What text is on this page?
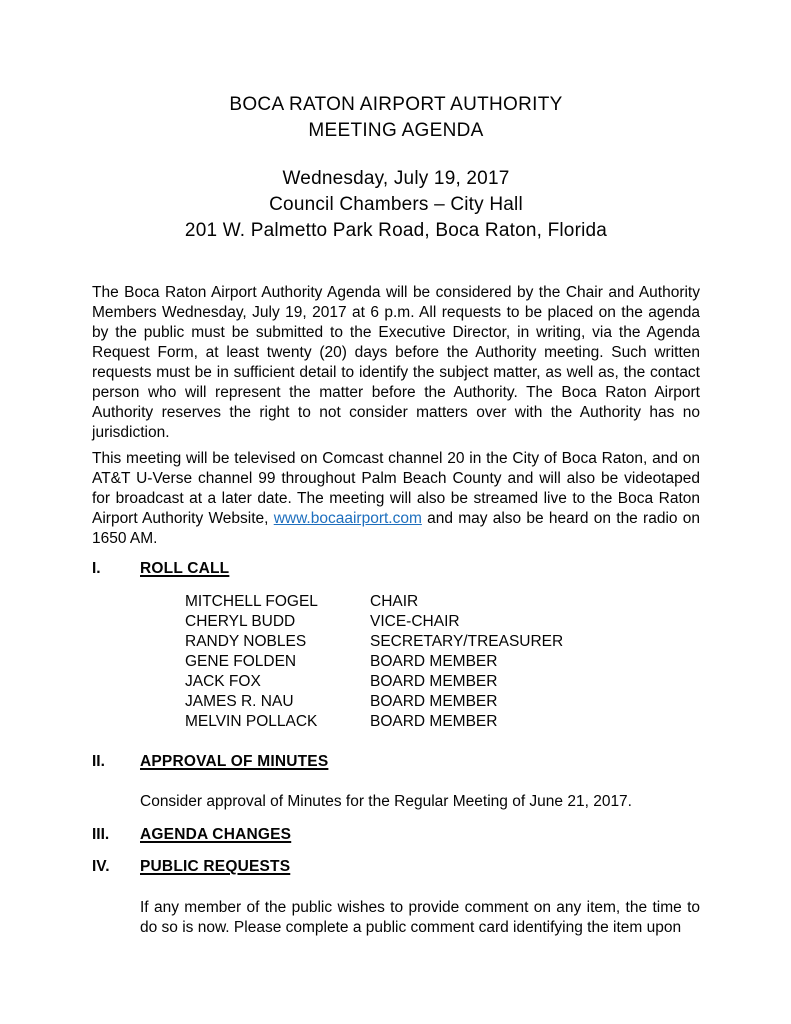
BOCA RATON AIRPORT AUTHORITY
MEETING AGENDA
Wednesday, July 19, 2017
Council Chambers – City Hall
201 W. Palmetto Park Road, Boca Raton, Florida

The Boca Raton Airport Authority Agenda will be considered by the Chair and Authority Members Wednesday, July 19, 2017 at 6 p.m. All requests to be placed on the agenda by the public must be submitted to the Executive Director, in writing, via the Agenda Request Form, at least twenty (20) days before the Authority meeting. Such written requests must be in sufficient detail to identify the subject matter, as well as, the contact person who will represent the matter before the Authority. The Boca Raton Airport Authority reserves the right to not consider matters over with the Authority has no jurisdiction.

This meeting will be televised on Comcast channel 20 in the City of Boca Raton, and on AT&T U-Verse channel 99 throughout Palm Beach County and will also be videotaped for broadcast at a later date. The meeting will also be streamed live to the Boca Raton Airport Authority Website, www.bocaairport.com and may also be heard on the radio on 1650 AM.

I.	ROLL CALL
MITCHELL FOGEL	CHAIR
CHERYL BUDD	VICE-CHAIR
RANDY NOBLES	SECRETARY/TREASURER
GENE FOLDEN	BOARD MEMBER
JACK FOX	BOARD MEMBER
JAMES R. NAU	BOARD MEMBER
MELVIN POLLACK	BOARD MEMBER
II.	APPROVAL OF MINUTES

Consider approval of Minutes for the Regular Meeting of June 21, 2017.

III.	AGENDA CHANGES
IV.	PUBLIC REQUESTS

If any member of the public wishes to provide comment on any item, the time to do so is now. Please complete a public comment card identifying the item upon
